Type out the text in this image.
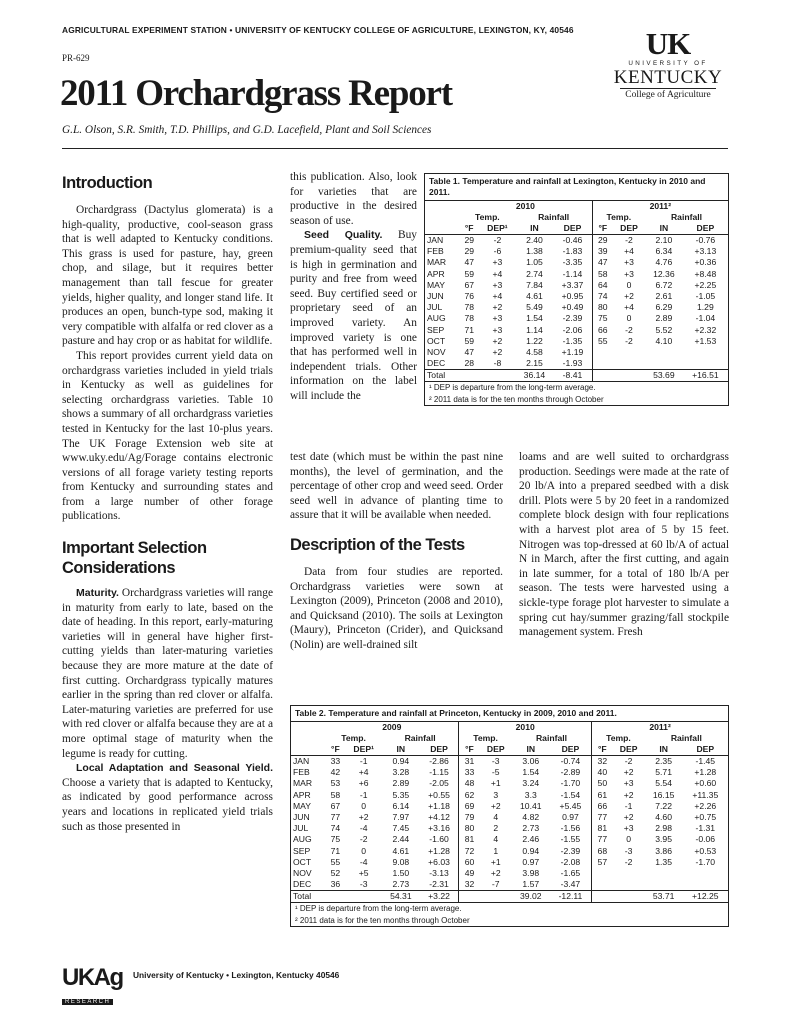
AGRICULTURAL EXPERIMENT STATION • UNIVERSITY OF KENTUCKY COLLEGE OF AGRICULTURE, LEXINGTON, KY, 40546
PR-629
2011 Orchardgrass Report
G.L. Olson, S.R. Smith, T.D. Phillips, and G.D. Lacefield, Plant and Soil Sciences
UK
UNIVERSITY OF
KENTUCKY
College of Agriculture
Introduction

Orchardgrass (Dactylus glomerata) is a high-quality, productive, cool-season grass that is well adapted to Kentucky conditions. This grass is used for pasture, hay, green chop, and silage, but it requires better management than tall fescue for greater yields, higher quality, and longer stand life. It produces an open, bunch-type sod, making it very compatible with alfalfa or red clover as a pasture and hay crop or as habitat for wildlife.

This report provides current yield data on orchardgrass varieties included in yield trials in Kentucky as well as guidelines for selecting orchardgrass varieties. Table 10 shows a summary of all orchardgrass varieties tested in Kentucky for the last 10-plus years. The UK Forage Extension web site at www.uky.edu/Ag/Forage contains electronic versions of all forage variety testing reports from Kentucky and surrounding states and from a large number of other forage publications.

Important Selection
Considerations

Maturity. Orchardgrass varieties will range in maturity from early to late, based on the date of heading. In this report, early-maturing varieties will in general have higher first-cutting yields than later-maturing varieties because they are more mature at the date of first cutting. Orchardgrass typically matures earlier in the spring than red clover or alfalfa. Later-maturing varieties are preferred for use with red clover or alfalfa because they are at a more optimal stage of maturity when the legume is ready for cutting.

Local Adaptation and Seasonal Yield. Choose a variety that is adapted to Kentucky, as indicated by good performance across years and locations in replicated yield trials such as those presented in

this publication. Also, look for varieties that are productive in the desired season of use.

Seed Quality. Buy premium-quality seed that is high in germination and purity and free from weed seed. Buy certified seed or proprietary seed of an improved variety. An improved variety is one that has performed well in independent trials. Other information on the label will include the

Table 1. Temperature and rainfall at Lexington, Kentucky in 2010 and 2011.
	2010				2011²			
	Temp.		Rainfall		Temp.		Rainfall	
	°F	DEP¹	IN	DEP	°F	DEP	IN	DEP
JAN	29	-2	2.40	-0.46	29	-2	2.10	-0.76
FEB	29	-6	1.38	-1.83	39	+4	6.34	+3.13
MAR	47	+3	1.05	-3.35	47	+3	4.76	+0.36
APR	59	+4	2.74	-1.14	58	+3	12.36	+8.48
MAY	67	+3	7.84	+3.37	64	0	6.72	+2.25
JUN	76	+4	4.61	+0.95	74	+2	2.61	-1.05
JUL	78	+2	5.49	+0.49	80	+4	6.29	1.29
AUG	78	+3	1.54	-2.39	75	0	2.89	-1.04
SEP	71	+3	1.14	-2.06	66	-2	5.52	+2.32
OCT	59	+2	1.22	-1.35	55	-2	4.10	+1.53
NOV	47	+2	4.58	+1.19				
DEC	28	-8	2.15	-1.93				
Total			36.14	-8.41			53.69	+16.51
¹ DEP is departure from the long-term average.
² 2011 data is for the ten months through October

test date (which must be within the past nine months), the level of germination, and the percentage of other crop and weed seed. Order seed well in advance of planting time to assure that it will be available when needed.

Description of the Tests

Data from four studies are reported. Orchardgrass varieties were sown at Lexington (2009), Princeton (2008 and 2010), and Quicksand (2010). The soils at Lexington (Maury), Princeton (Crider), and Quicksand (Nolin) are well-drained silt

loams and are well suited to orchardgrass production. Seedings were made at the rate of 20 lb/A into a prepared seedbed with a disk drill. Plots were 5 by 20 feet in a randomized complete block design with four replications with a harvest plot area of 5 by 15 feet. Nitrogen was top-dressed at 60 lb/A of actual N in March, after the first cutting, and again in late summer, for a total of 180 lb/A per season. The tests were harvested using a sickle-type forage plot harvester to simulate a spring cut hay/summer grazing/fall stockpile management system. Fresh

Table 2. Temperature and rainfall at Princeton, Kentucky in 2009, 2010 and 2011.
	2009				2010				2011²			
	Temp.		Rainfall		Temp.		Rainfall		Temp.		Rainfall	
	°F	DEP¹	IN	DEP	°F	DEP	IN	DEP	°F	DEP	IN	DEP
JAN	33	-1	0.94	-2.86	31	-3	3.06	-0.74	32	-2	2.35	-1.45
FEB	42	+4	3.28	-1.15	33	-5	1.54	-2.89	40	+2	5.71	+1.28
MAR	53	+6	2.89	-2.05	48	+1	3.24	-1.70	50	+3	5.54	+0.60
APR	58	-1	5.35	+0.55	62	3	3.3	-1.54	61	+2	16.15	+11.35
MAY	67	0	6.14	+1.18	69	+2	10.41	+5.45	66	-1	7.22	+2.26
JUN	77	+2	7.97	+4.12	79	4	4.82	0.97	77	+2	4.60	+0.75
JUL	74	-4	7.45	+3.16	80	2	2.73	-1.56	81	+3	2.98	-1.31
AUG	75	-2	2.44	-1.60	81	4	2.46	-1.55	77	0	3.95	-0.06
SEP	71	0	4.61	+1.28	72	1	0.94	-2.39	68	-3	3.86	+0.53
OCT	55	-4	9.08	+6.03	60	+1	0.97	-2.08	57	-2	1.35	-1.70
NOV	52	+5	1.50	-3.13	49	+2	3.98	-1.65				
DEC	36	-3	2.73	-2.31	32	-7	1.57	-3.47				
Total			54.31	+3.22			39.02	-12.11			53.71	+12.25
¹ DEP is departure from the long-term average.
² 2011 data is for the ten months through October
UKAg
RESEARCH
University of Kentucky • Lexington, Kentucky 40546
